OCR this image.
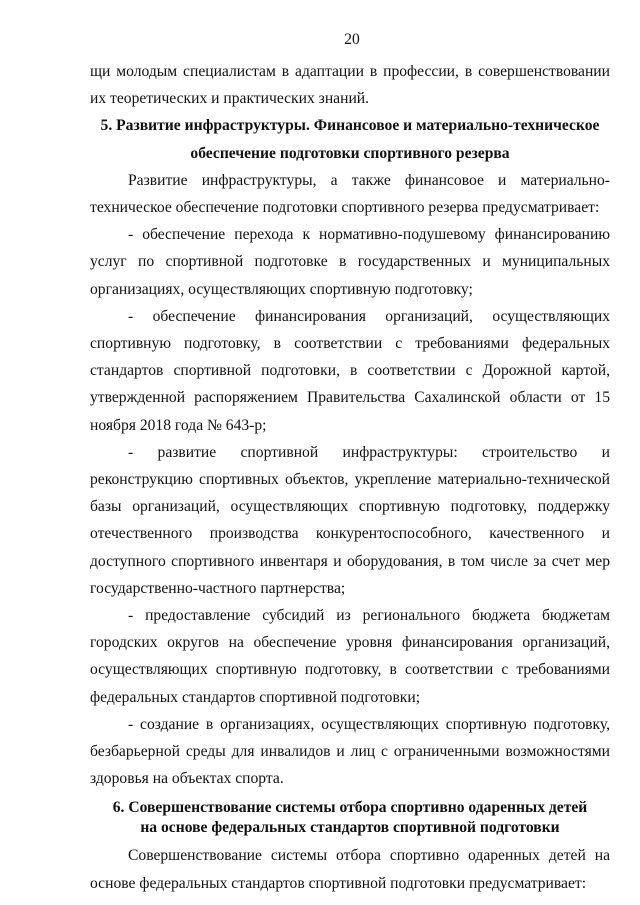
20

щи молодым специалистам в адаптации в профессии, в совершенствовании их теоретических и практических знаний.

5. Развитие инфраструктуры. Финансовое и материально-техническое
обеспечение подготовки спортивного резерва

Развитие инфраструктуры, а также финансовое и материально-техническое обеспечение подготовки спортивного резерва предусматривает:

- обеспечение перехода к нормативно-подушевому финансированию услуг по спортивной подготовке в государственных и муниципальных организациях, осуществляющих спортивную подготовку;

- обеспечение финансирования организаций, осуществляющих спортивную подготовку, в соответствии с требованиями федеральных стандартов спортивной подготовки, в соответствии с Дорожной картой, утвержденной распоряжением Правительства Сахалинской области от 15 ноября 2018 года № 643-р;

- развитие спортивной инфраструктуры: строительство и реконструкцию спортивных объектов, укрепление материально-технической базы организаций, осуществляющих спортивную подготовку, поддержку отечественного производства конкурентоспособного, качественного и доступного спортивного инвентаря и оборудования, в том числе за счет мер государственно-частного партнерства;

- предоставление субсидий из регионального бюджета бюджетам городских округов на обеспечение уровня финансирования организаций, осуществляющих спортивную подготовку, в соответствии с требованиями федеральных стандартов спортивной подготовки;

- создание в организациях, осуществляющих спортивную подготовку, безбарьерной среды для инвалидов и лиц с ограниченными возможностями здоровья на объектах спорта.

6. Совершенствование системы отбора спортивно одаренных детей
на основе федеральных стандартов спортивной подготовки

Совершенствование системы отбора спортивно одаренных детей на основе федеральных стандартов спортивной подготовки предусматривает:
